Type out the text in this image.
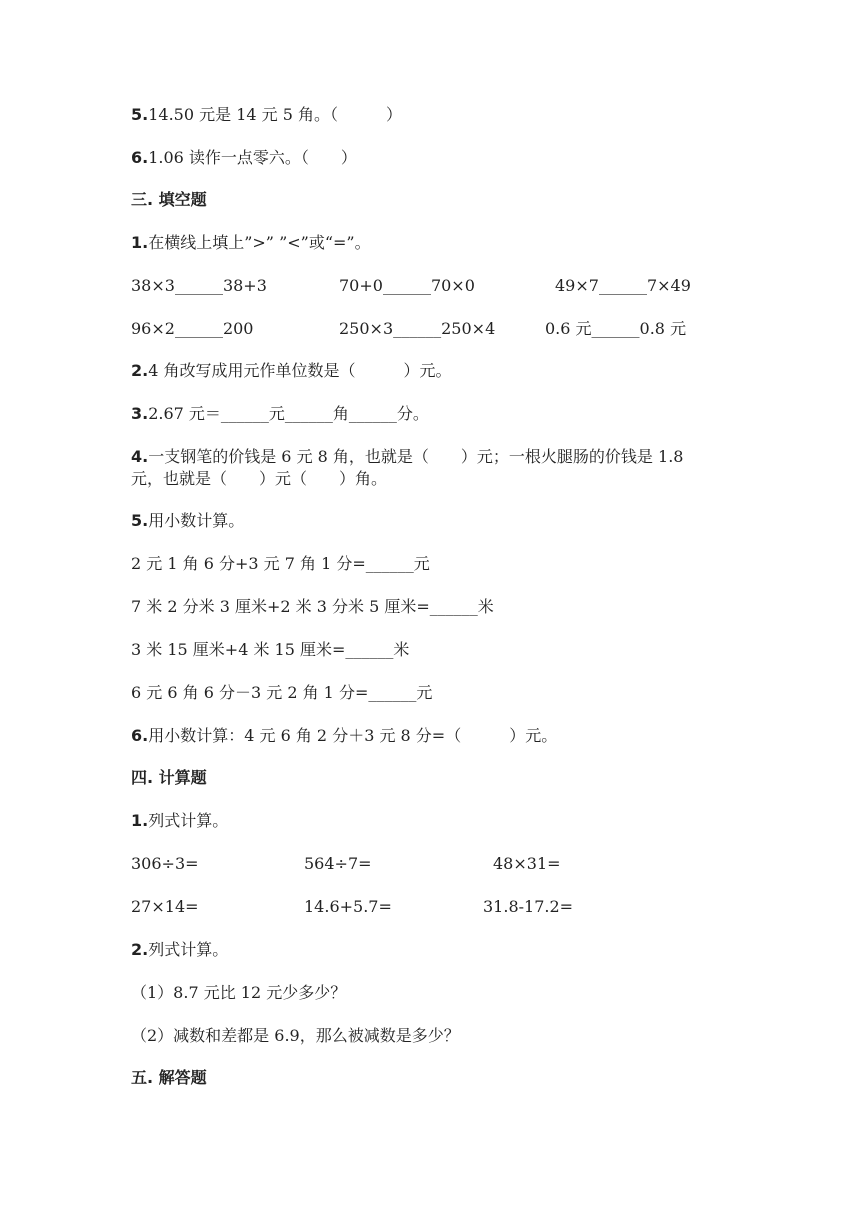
5.14.50 元是 14 元 5 角。（　　　）
6.1.06 读作一点零六。（　　）
三. 填空题
1.在横线上填上”>” ”<”或“=”。
38×3______38+3	70+0______70×0	49×7______7×49
96×2______200	250×3______250×4	0.6 元______0.8 元
2.4 角改写成用元作单位数是（　　　）元。
3.2.67 元＝______元______角______分。
4.一支钢笔的价钱是 6 元 8 角，也就是（　　）元；一根火腿肠的价钱是 1.8
元，也就是（　　）元（　　）角。
5.用小数计算。
2 元 1 角 6 分+3 元 7 角 1 分=______元
7 米 2 分米 3 厘米+2 米 3 分米 5 厘米=______米
3 米 15 厘米+4 米 15 厘米=______米
6 元 6 角 6 分－3 元 2 角 1 分=______元
6.用小数计算：4 元 6 角 2 分＋3 元 8 分=（　　　）元。
四. 计算题
1.列式计算。
306÷3=	564÷7=	48×31=
27×14=	14.6+5.7=	31.8-17.2=
2.列式计算。
（1）8.7 元比 12 元少多少？
（2）减数和差都是 6.9，那么被减数是多少？
五. 解答题
